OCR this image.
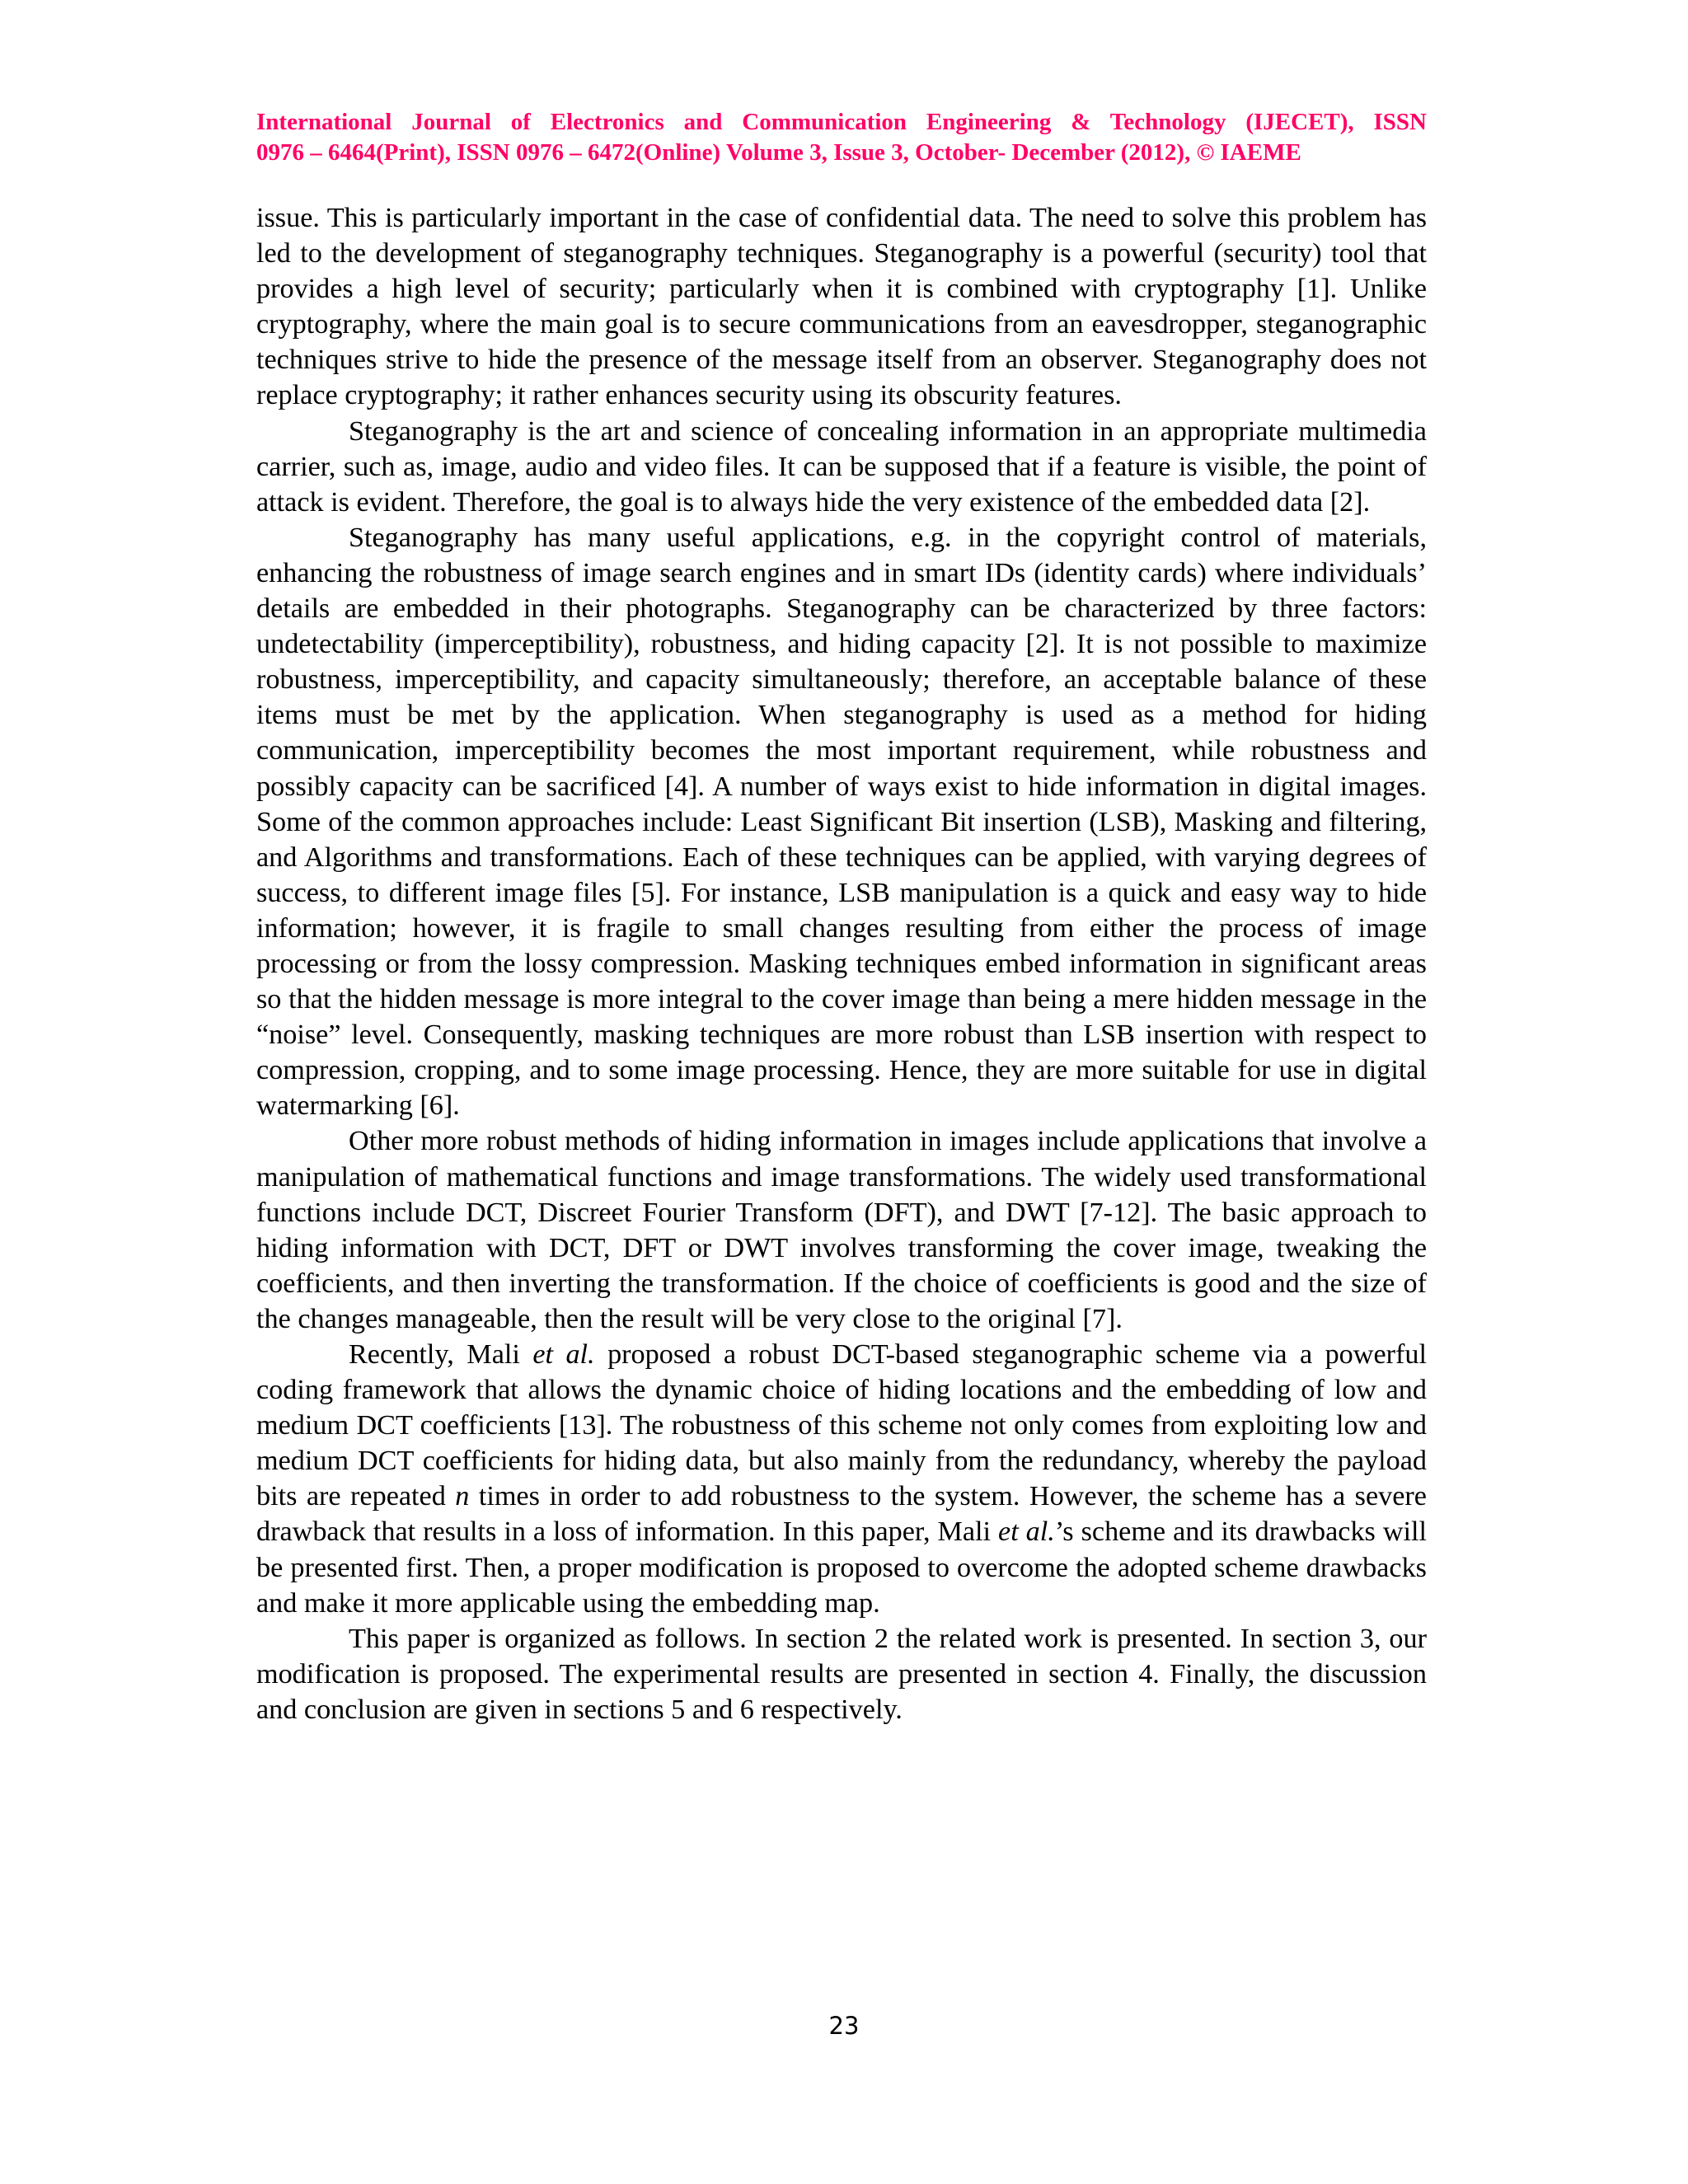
International Journal of Electronics and Communication Engineering & Technology (IJECET), ISSN
0976 – 6464(Print), ISSN 0976 – 6472(Online) Volume 3, Issue 3, October- December (2012), © IAEME

issue. This is particularly important in the case of confidential data. The need to solve this problem has led to the development of steganography techniques. Steganography is a powerful (security) tool that provides a high level of security; particularly when it is combined with cryptography [1]. Unlike cryptography, where the main goal is to secure communications from an eavesdropper, steganographic techniques strive to hide the presence of the message itself from an observer. Steganography does not replace cryptography; it rather enhances security using its obscurity features.

Steganography is the art and science of concealing information in an appropriate multimedia carrier, such as, image, audio and video files. It can be supposed that if a feature is visible, the point of attack is evident. Therefore, the goal is to always hide the very existence of the embedded data [2].

Steganography has many useful applications, e.g. in the copyright control of materials, enhancing the robustness of image search engines and in smart IDs (identity cards) where individuals’ details are embedded in their photographs. Steganography can be characterized by three factors: undetectability (imperceptibility), robustness, and hiding capacity [2]. It is not possible to maximize robustness, imperceptibility, and capacity simultaneously; therefore, an acceptable balance of these items must be met by the application. When steganography is used as a method for hiding communication, imperceptibility becomes the most important requirement, while robustness and possibly capacity can be sacrificed [4]. A number of ways exist to hide information in digital images. Some of the common approaches include: Least Significant Bit insertion (LSB), Masking and filtering, and Algorithms and transformations. Each of these techniques can be applied, with varying degrees of success, to different image files [5]. For instance, LSB manipulation is a quick and easy way to hide information; however, it is fragile to small changes resulting from either the process of image processing or from the lossy compression. Masking techniques embed information in significant areas so that the hidden message is more integral to the cover image than being a mere hidden message in the “noise” level. Consequently, masking techniques are more robust than LSB insertion with respect to compression, cropping, and to some image processing. Hence, they are more suitable for use in digital watermarking [6].

Other more robust methods of hiding information in images include applications that involve a manipulation of mathematical functions and image transformations. The widely used transformational functions include DCT, Discreet Fourier Transform (DFT), and DWT [7-12]. The basic approach to hiding information with DCT, DFT or DWT involves transforming the cover image, tweaking the coefficients, and then inverting the transformation. If the choice of coefficients is good and the size of the changes manageable, then the result will be very close to the original [7].

Recently, Mali et al. proposed a robust DCT-based steganographic scheme via a powerful coding framework that allows the dynamic choice of hiding locations and the embedding of low and medium DCT coefficients [13]. The robustness of this scheme not only comes from exploiting low and medium DCT coefficients for hiding data, but also mainly from the redundancy, whereby the payload bits are repeated n times in order to add robustness to the system. However, the scheme has a severe drawback that results in a loss of information. In this paper, Mali et al.’s scheme and its drawbacks will be presented first. Then, a proper modification is proposed to overcome the adopted scheme drawbacks and make it more applicable using the embedding map.

This paper is organized as follows. In section 2 the related work is presented. In section 3, our modification is proposed. The experimental results are presented in section 4. Finally, the discussion and conclusion are given in sections 5 and 6 respectively.

23
